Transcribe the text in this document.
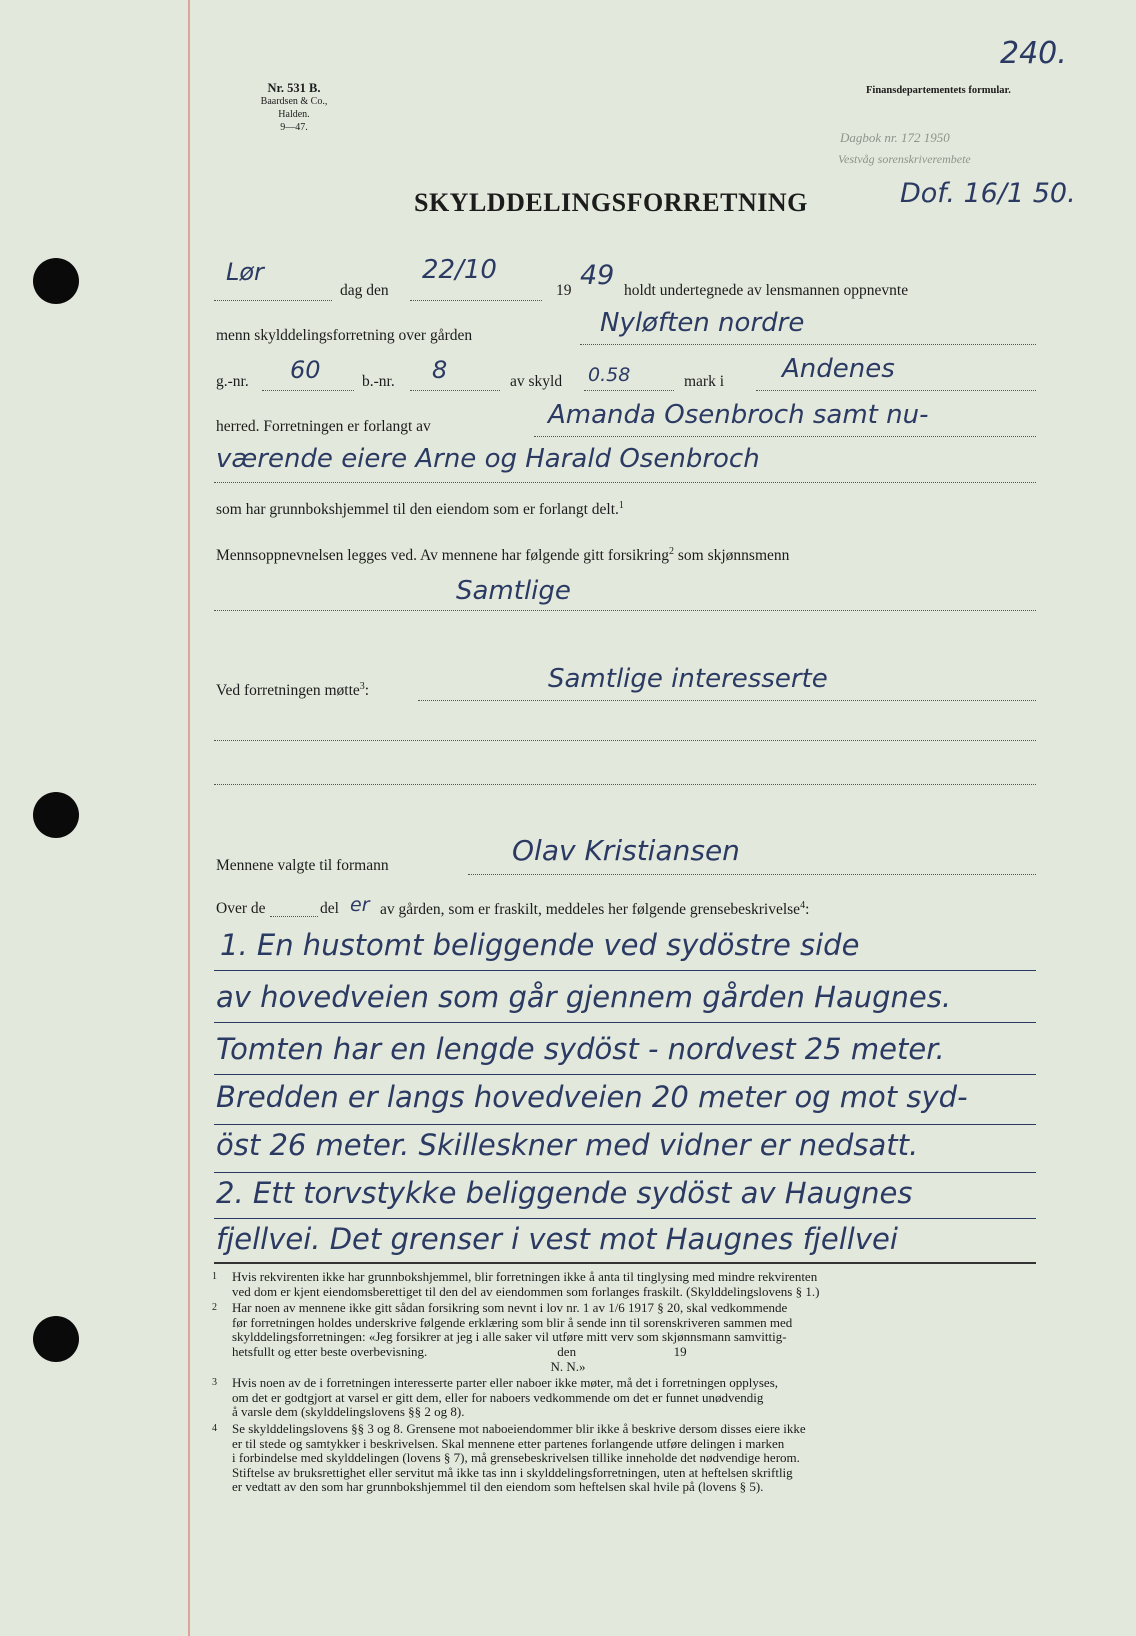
Nr. 531 B.
Baardsen & Co., Halden.
9—47.
Finansdepartementets formular.
240.
Dagbok nr. 172 1950
Vestvåg sorenskriverembete
Dof. 16/1 50.
SKYLDDELINGSFORRETNING
Lør
dag den
22/10
19 49 holdt undertegnede av lensmannen oppnevnte
menn skylddelingsforretning over gården	Nyløften nordre
g.-nr. 60	b.-nr. 8	av skyld 0.58	mark i Andenes
herred. Forretningen er forlangt av	Amanda Osenbroch samt nu-
værende eiere Arne og Harald Osenbroch
som har grunnbokshjemmel til den eiendom som er forlangt delt.$^1$
Mennsoppnevnelsen legges ved. Av mennene har følgende gitt forsikring$^2$ som skjønnsmenn
Samtlige
Ved forretningen møtte$^3$:	Samtlige interesserte
Mennene valgte til formann	Olav Kristiansen
Over de	del er av gården, som er fraskilt, meddeles her følgende grensebeskrivelse$^4$:
1. En hustomt beliggende ved sydöstre side
av hovedveien som går gjennem gården Haugnes.
Tomten har en lengde sydöst - nordvest 25 meter.
Bredden er langs hovedveien 20 meter og mot syd-
öst 26 meter. Skilleskner med vidner er nedsatt.
2. Ett torvstykke beliggende sydöst av Haugnes
fjellvei. Det grenser i vest mot Haugnes fjellvei
1	Hvis rekvirenten ikke har grunnbokshjemmel, blir forretningen ikke å anta til tinglysing med mindre rekvirenten
ved dom er kjent eiendomsberettiget til den del av eiendommen som forlanges fraskilt. (Skylddelingslovens § 1.)
2	Har noen av mennene ikke gitt sådan forsikring som nevnt i lov nr. 1 av 1/6 1917 § 20, skal vedkommende
før forretningen holdes underskrive følgende erklæring som blir å sende inn til sorenskriveren sammen med
skylddelingsforretningen: «Jeg forsikrer at jeg i alle saker vil utføre mitt verv som skjønnsmann samvittig-
hetsfullt og etter beste overbevisning.                                        den                              19
N. N.»
3	Hvis noen av de i forretningen interesserte parter eller naboer ikke møter, må det i forretningen opplyses,
om det er godtgjort at varsel er gitt dem, eller for naboers vedkommende om det er funnet unødvendig
å varsle dem (skylddelingslovens §§ 2 og 8).
4	Se skylddelingslovens §§ 3 og 8. Grensene mot naboeiendommer blir ikke å beskrive dersom disses eiere ikke
er til stede og samtykker i beskrivelsen. Skal mennene etter partenes forlangende utføre delingen i marken
i forbindelse med skylddelingen (lovens § 7), må grensebeskrivelsen tillike inneholde det nødvendige herom.
Stiftelse av bruksrettighet eller servitut må ikke tas inn i skylddelingsforretningen, uten at heftelsen skriftlig
er vedtatt av den som har grunnbokshjemmel til den eiendom som heftelsen skal hvile på (lovens § 5).
